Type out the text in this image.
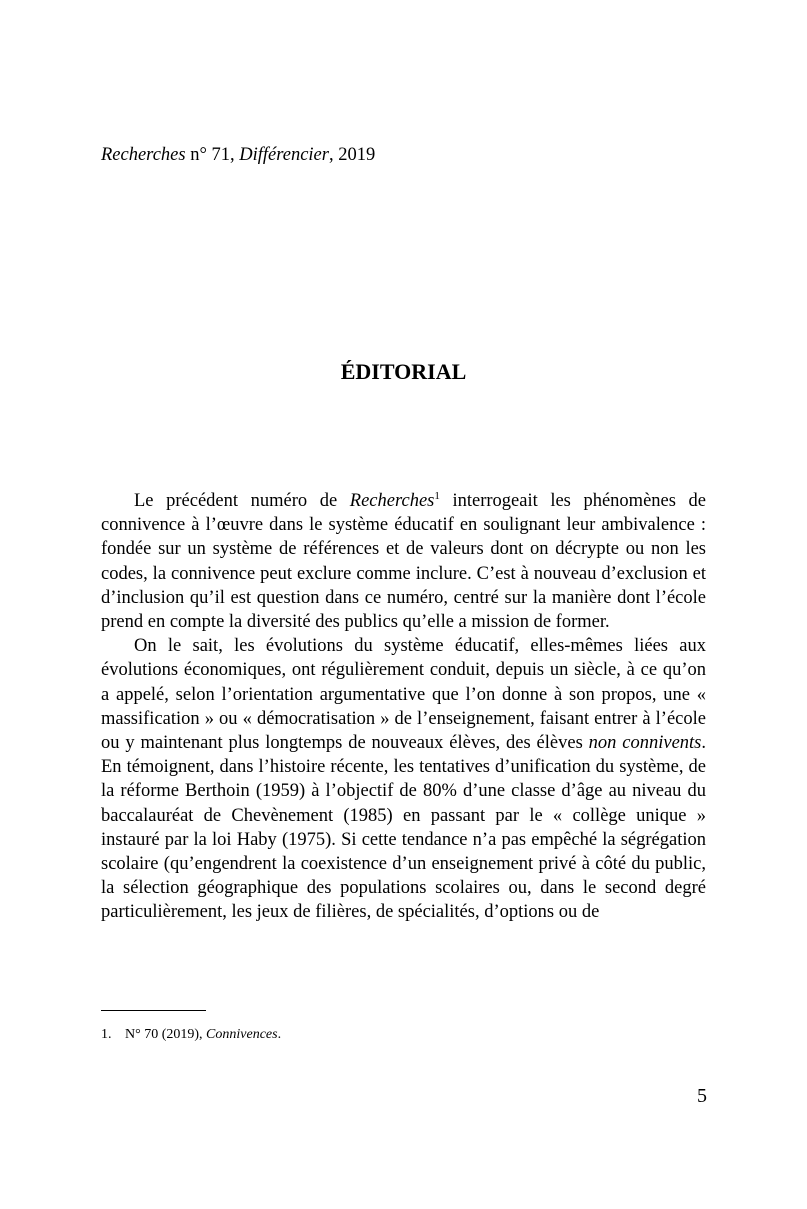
Recherches n° 71, Différencier, 2019
ÉDITORIAL

Le précédent numéro de Recherches$^1$ interrogeait les phénomènes de connivence à l’œuvre dans le système éducatif en soulignant leur ambivalence : fondée sur un système de références et de valeurs dont on décrypte ou non les codes, la connivence peut exclure comme inclure. C’est à nouveau d’exclusion et d’inclusion qu’il est question dans ce numéro, centré sur la manière dont l’école prend en compte la diversité des publics qu’elle a mission de former.

On le sait, les évolutions du système éducatif, elles-mêmes liées aux évolutions économiques, ont régulièrement conduit, depuis un siècle, à ce qu’on a appelé, selon l’orientation argumentative que l’on donne à son propos, une « massification » ou « démocratisation » de l’enseignement, faisant entrer à l’école ou y maintenant plus longtemps de nouveaux élèves, des élèves non connivents. En témoignent, dans l’histoire récente, les tentatives d’unification du système, de la réforme Berthoin (1959) à l’objectif de 80% d’une classe d’âge au niveau du baccalauréat de Chevènement (1985) en passant par le « collège unique » instauré par la loi Haby (1975). Si cette tendance n’a pas empêché la ségrégation scolaire (qu’engendrent la coexistence d’un enseignement privé à côté du public, la sélection géographique des populations scolaires ou, dans le second degré particulièrement, les jeux de filières, de spécialités, d’options ou de

1. N° 70 (2019), Connivences.
5
